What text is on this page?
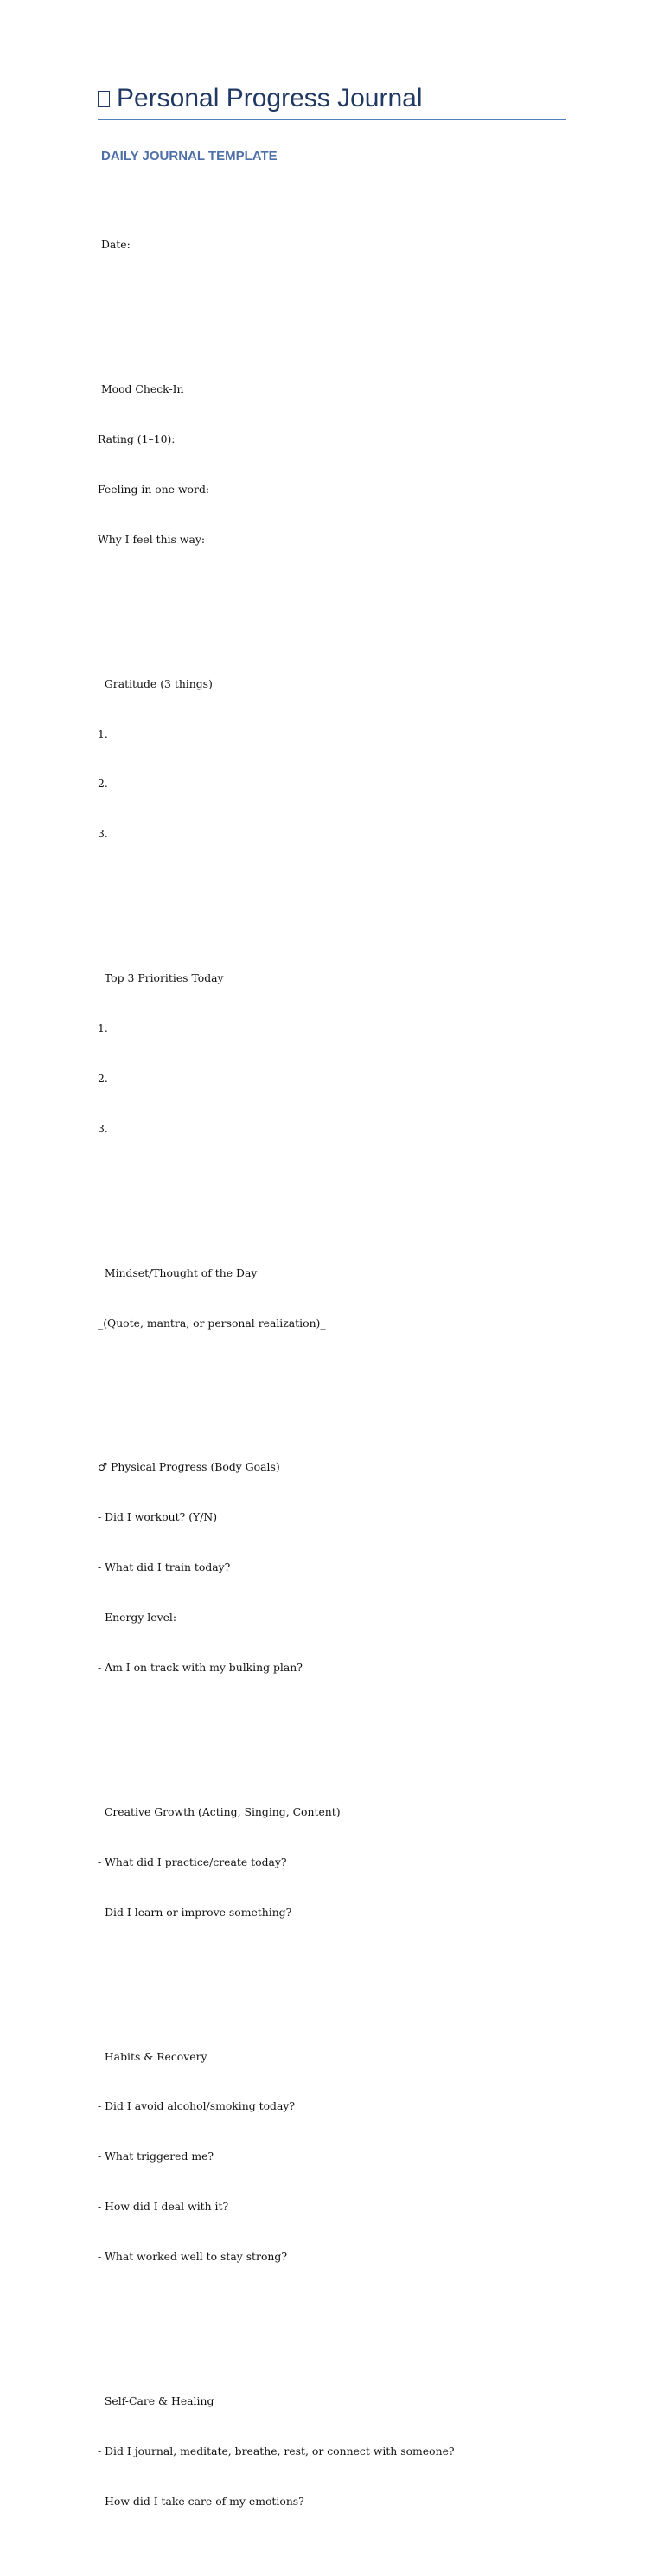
Personal Progress Journal
DAILY JOURNAL TEMPLATE

Date:

Mood Check-In

Rating (1–10):

Feeling in one word:

Why I feel this way:

Gratitude (3 things)

1.

2.

3.

Top 3 Priorities Today

1.

2.

3.

Mindset/Thought of the Day

_(Quote, mantra, or personal realization)_

♂ Physical Progress (Body Goals)

- Did I workout? (Y/N)

- What did I train today?

- Energy level:

- Am I on track with my bulking plan?

Creative Growth (Acting, Singing, Content)

- What did I practice/create today?

- Did I learn or improve something?

Habits & Recovery

- Did I avoid alcohol/smoking today?

- What triggered me?

- How did I deal with it?

- What worked well to stay strong?

Self-Care & Healing

- Did I journal, meditate, breathe, rest, or connect with someone?

- How did I take care of my emotions?
